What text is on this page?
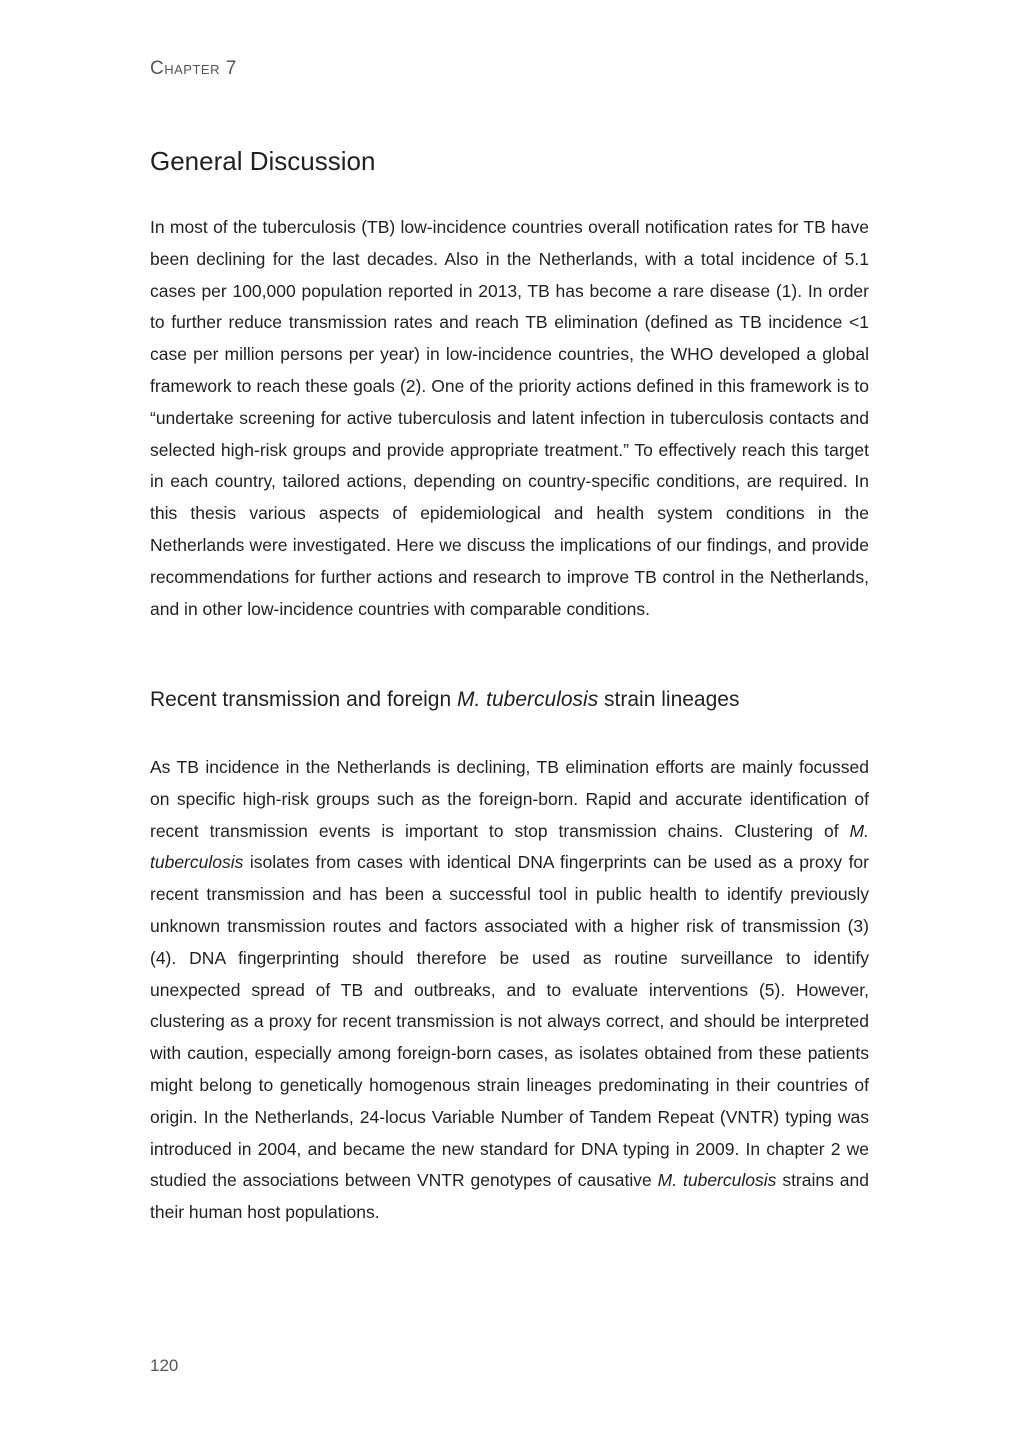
Chapter 7

General Discussion

In most of the tuberculosis (TB) low-incidence countries overall notification rates for TB have been declining for the last decades. Also in the Netherlands, with a total incidence of 5.1 cases per 100,000 population reported in 2013, TB has become a rare disease (1). In order to further reduce transmission rates and reach TB elimination (defined as TB incidence <1 case per million persons per year) in low-incidence countries, the WHO developed a global framework to reach these goals (2). One of the priority actions defined in this framework is to “undertake screening for active tuberculosis and latent infection in tuberculosis contacts and selected high-risk groups and provide appropriate treatment.” To effectively reach this target in each country, tailored actions, depending on country-specific conditions, are required. In this thesis various aspects of epidemiological and health system conditions in the Netherlands were investigated. Here we discuss the implications of our findings, and provide recommendations for further actions and research to improve TB control in the Netherlands, and in other low-incidence countries with comparable conditions.

Recent transmission and foreign M. tuberculosis strain lineages

As TB incidence in the Netherlands is declining, TB elimination efforts are mainly focussed on specific high-risk groups such as the foreign-born. Rapid and accurate identification of recent transmission events is important to stop transmission chains. Clustering of M. tuberculosis isolates from cases with identical DNA fingerprints can be used as a proxy for recent transmission and has been a successful tool in public health to identify previously unknown transmission routes and factors associated with a higher risk of transmission (3) (4). DNA fingerprinting should therefore be used as routine surveillance to identify unexpected spread of TB and outbreaks, and to evaluate interventions (5). However, clustering as a proxy for recent transmission is not always correct, and should be interpreted with caution, especially among foreign-born cases, as isolates obtained from these patients might belong to genetically homogenous strain lineages predominating in their countries of origin. In the Netherlands, 24-locus Variable Number of Tandem Repeat (VNTR) typing was introduced in 2004, and became the new standard for DNA typing in 2009. In chapter 2 we studied the associations between VNTR genotypes of causative M. tuberculosis strains and their human host populations.

120
